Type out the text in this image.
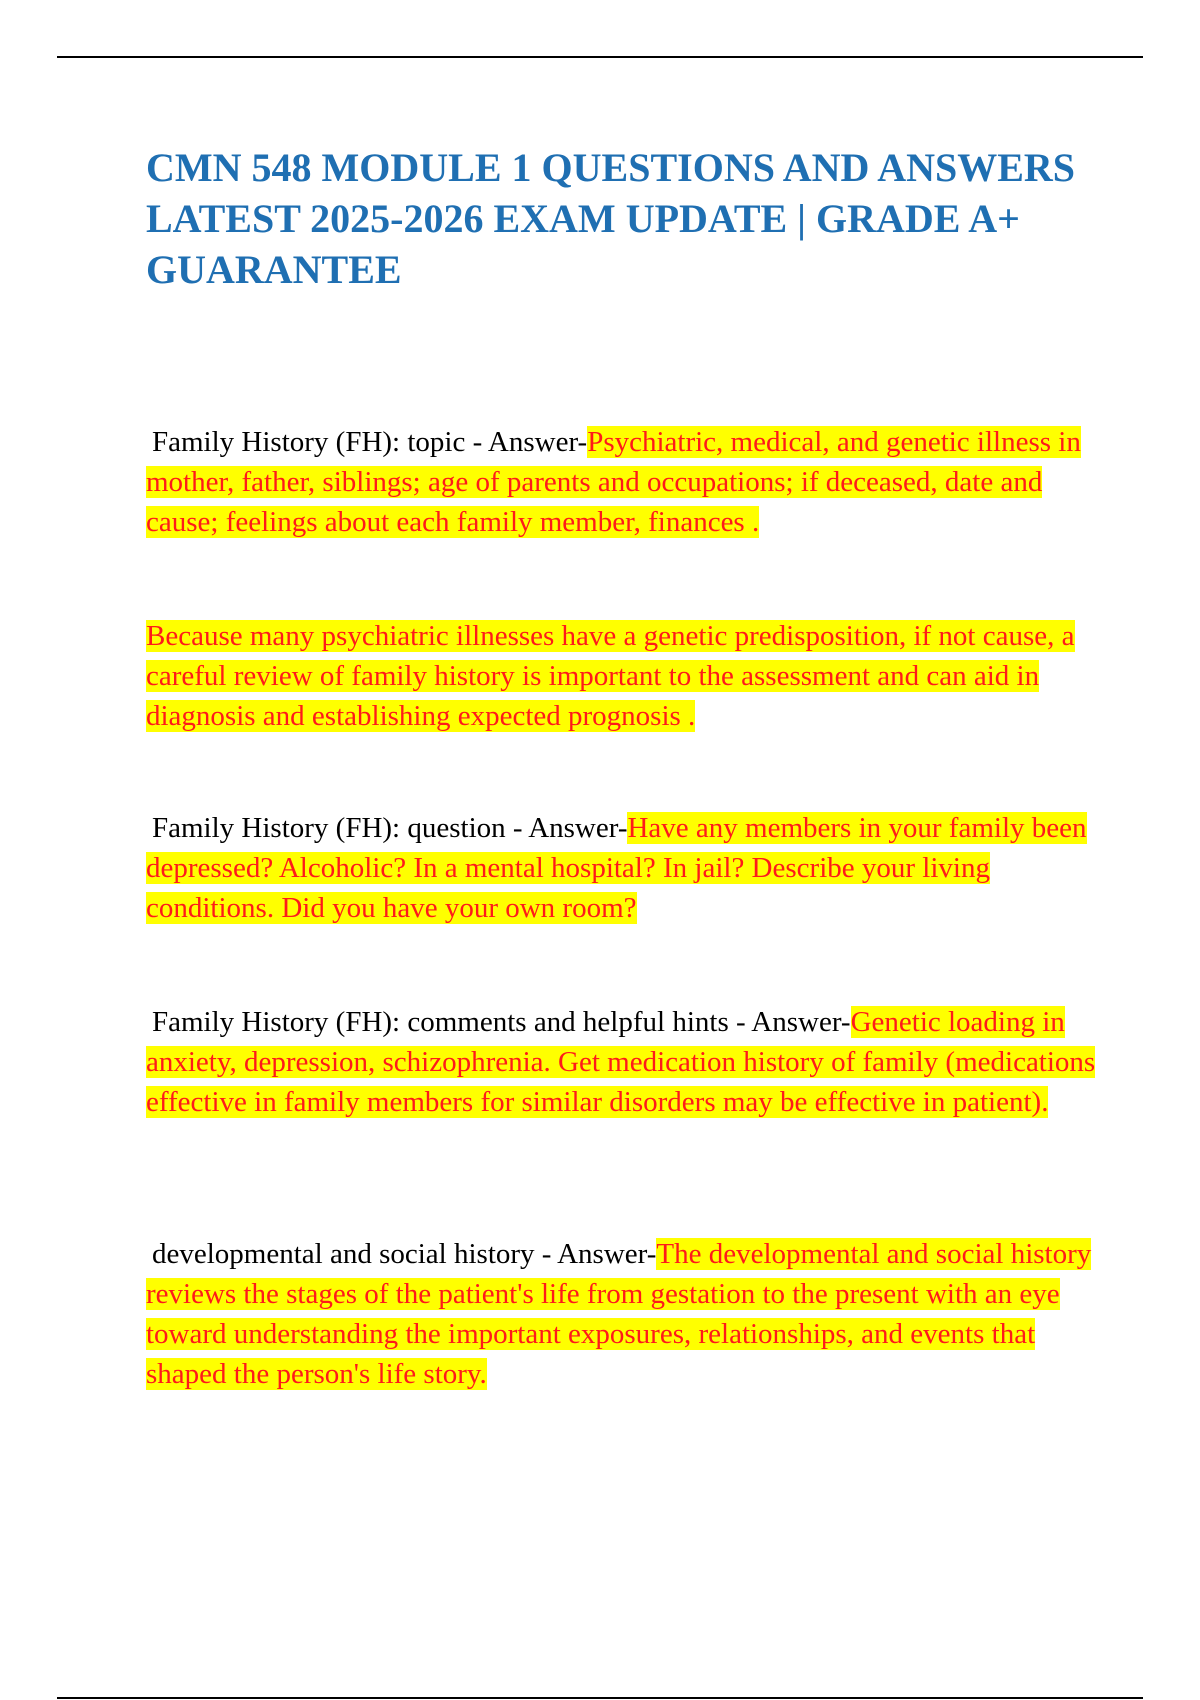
CMN 548 MODULE 1 QUESTIONS AND ANSWERS LATEST 2025-2026 EXAM UPDATE | GRADE A+ GUARANTEE

Family History (FH): topic - Answer-Psychiatric, medical, and genetic illness in mother, father, siblings; age of parents and occupations; if deceased, date and cause; feelings about each family member, finances .

Because many psychiatric illnesses have a genetic predisposition, if not cause, a careful review of family history is important to the assessment and can aid in diagnosis and establishing expected prognosis .

Family History (FH): question - Answer-Have any members in your family been depressed? Alcoholic? In a mental hospital? In jail? Describe your living conditions. Did you have your own room?

Family History (FH): comments and helpful hints - Answer-Genetic loading in anxiety, depression, schizophrenia. Get medication history of family (medications effective in family members for similar disorders may be effective in patient).

developmental and social history - Answer-The developmental and social history reviews the stages of the patient's life from gestation to the present with an eye toward understanding the important exposures, relationships, and events that shaped the person's life story.
